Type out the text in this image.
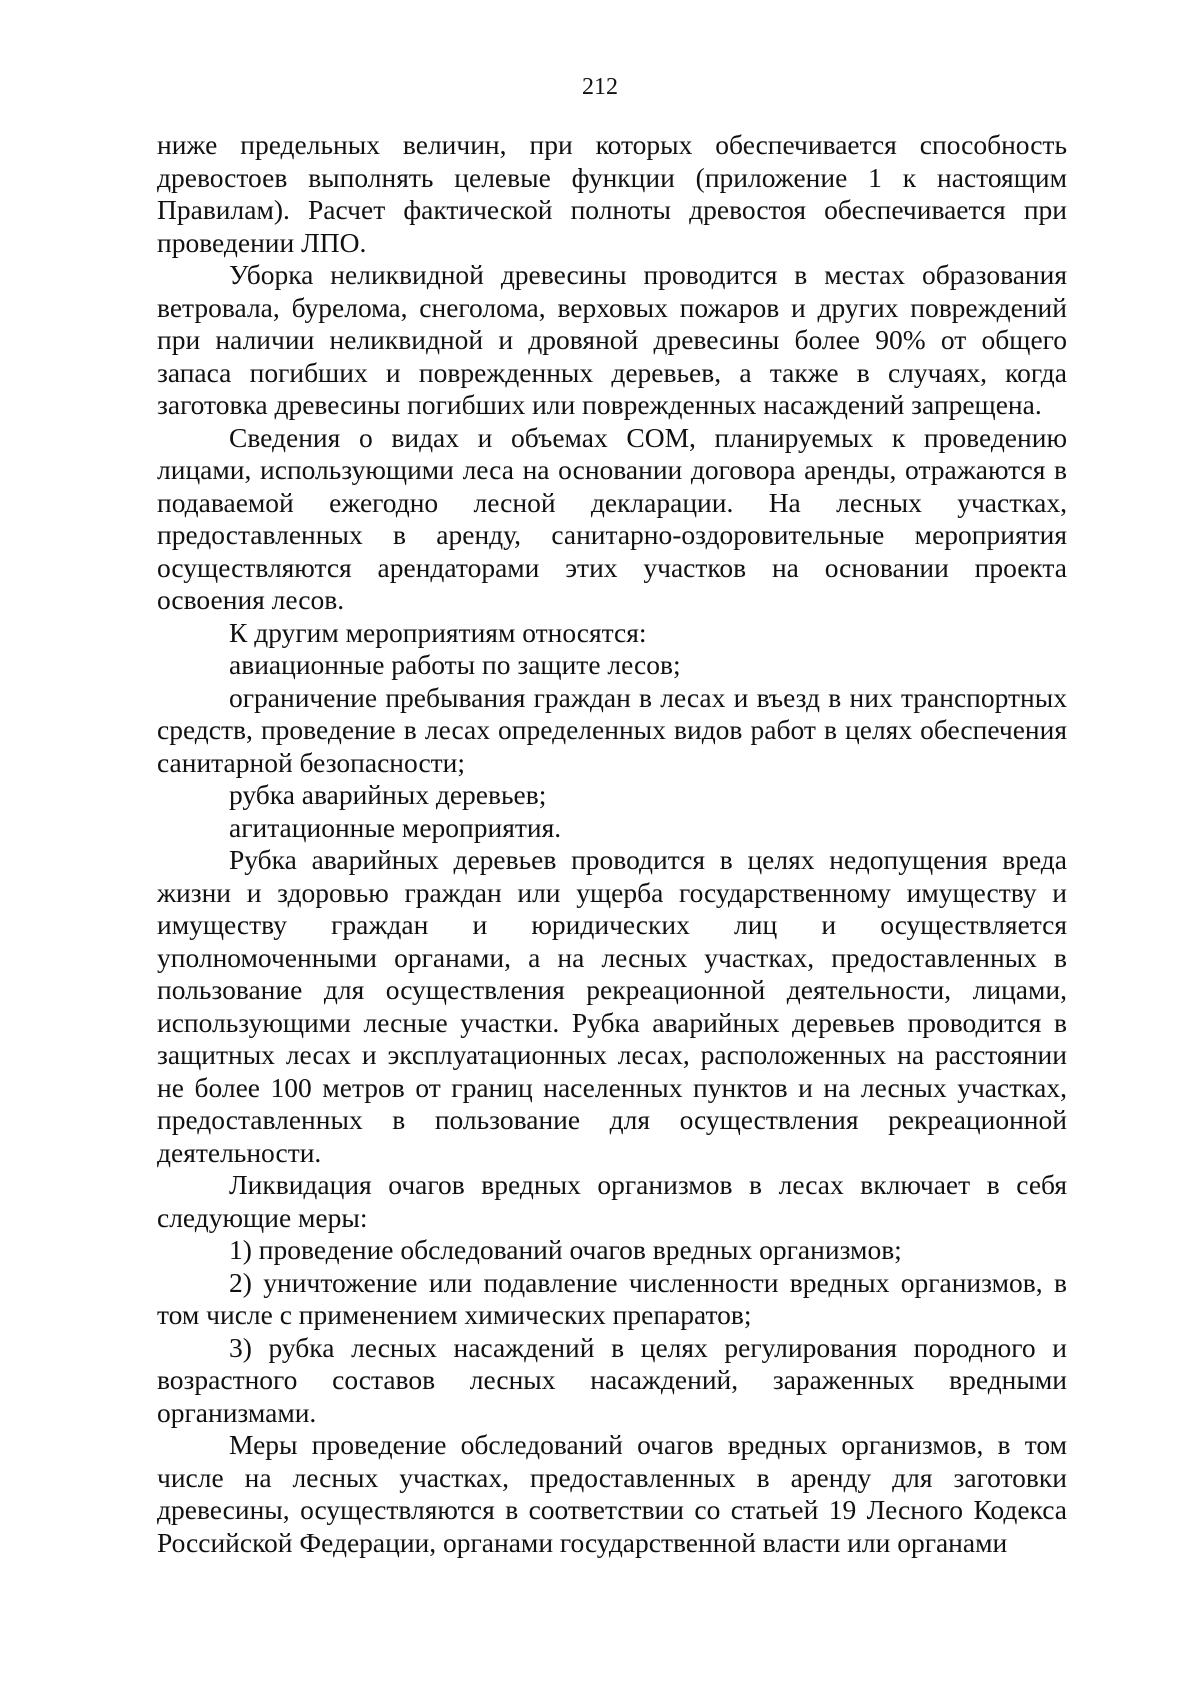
212

ниже предельных величин, при которых обеспечивается способность древостоев выполнять целевые функции (приложение 1 к настоящим Правилам). Расчет фактической полноты древостоя обеспечивается при проведении ЛПО.

Уборка неликвидной древесины проводится в местах образования ветровала, бурелома, снеголома, верховых пожаров и других повреждений при наличии неликвидной и дровяной древесины более 90% от общего запаса погибших и поврежденных деревьев, а также в случаях, когда заготовка древесины погибших или поврежденных насаждений запрещена.

Сведения о видах и объемах СОМ, планируемых к проведению лицами, использующими леса на основании договора аренды, отражаются в подаваемой ежегодно лесной декларации. На лесных участках, предоставленных в аренду, санитарно-оздоровительные мероприятия осуществляются арендаторами этих участков на основании проекта освоения лесов.

К другим мероприятиям относятся:

авиационные работы по защите лесов;

ограничение пребывания граждан в лесах и въезд в них транспортных средств, проведение в лесах определенных видов работ в целях обеспечения санитарной безопасности;

рубка аварийных деревьев;

агитационные мероприятия.

Рубка аварийных деревьев проводится в целях недопущения вреда жизни и здоровью граждан или ущерба государственному имуществу и имуществу граждан и юридических лиц и осуществляется уполномоченными органами, а на лесных участках, предоставленных в пользование для осуществления рекреационной деятельности, лицами, использующими лесные участки. Рубка аварийных деревьев проводится в защитных лесах и эксплуатационных лесах, расположенных на расстоянии не более 100 метров от границ населенных пунктов и на лесных участках, предоставленных в пользование для осуществления рекреационной деятельности.

Ликвидация очагов вредных организмов в лесах включает в себя следующие меры:

1) проведение обследований очагов вредных организмов;

2) уничтожение или подавление численности вредных организмов, в том числе с применением химических препаратов;

3) рубка лесных насаждений в целях регулирования породного и возрастного составов лесных насаждений, зараженных вредными организмами.

Меры проведение обследований очагов вредных организмов, в том числе на лесных участках, предоставленных в аренду для заготовки древесины, осуществляются в соответствии со статьей 19 Лесного Кодекса Российской Федерации, органами государственной власти или органами
